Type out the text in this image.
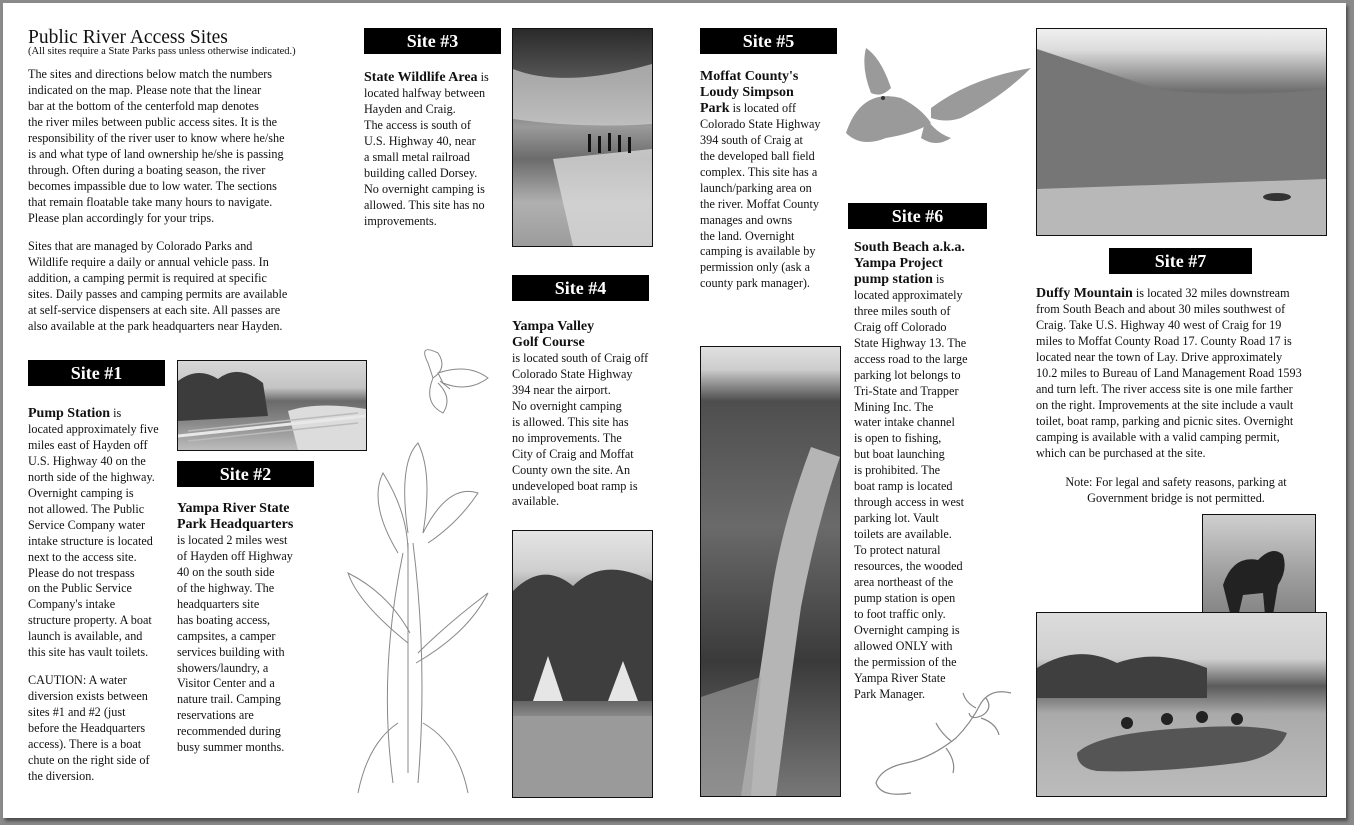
Public River Access Sites
(All sites require a State Parks pass unless otherwise indicated.)
The sites and directions below match the numbers
indicated on the map. Please note that the linear
bar at the bottom of the centerfold map denotes
the river miles between public access sites. It is the
responsibility of the river user to know where he/she
is and what type of land ownership he/she is passing
through. Often during a boating season, the river
becomes impassible due to low water. The sections
that remain floatable take many hours to navigate.
Please plan accordingly for your trips.
Sites that are managed by Colorado Parks and
Wildlife require a daily or annual vehicle pass. In
addition, a camping permit is required at specific
sites. Daily passes and camping permits are available
at self-service dispensers at each site. All passes are
also available at the park headquarters near Hayden.
Site #1
Pump Station is
located approximately five
miles east of Hayden off
U.S. Highway 40 on the
north side of the highway.
Overnight camping is
not allowed. The Public
Service Company water
intake structure is located
next to the access site.
Please do not trespass
on the Public Service
Company's intake
structure property. A boat
launch is available, and
this site has vault toilets.
CAUTION: A water
diversion exists between
sites #1 and #2 (just
before the Headquarters
access). There is a boat
chute on the right side of
the diversion.
Site #2
Yampa River State
Park Headquarters
is located 2 miles west
of Hayden off Highway
40 on the south side
of the highway. The
headquarters site
has boating access,
campsites, a camper
services building with
showers/laundry, a
Visitor Center and a
nature trail. Camping
reservations are
recommended during
busy summer months.
Site #3
State Wildlife Area is
located halfway between
Hayden and Craig.
The access is south of
U.S. Highway 40, near
a small metal railroad
building called Dorsey.
No overnight camping is
allowed. This site has no
improvements.
Site #4
Yampa Valley
Golf Course
is located south of Craig off
Colorado State Highway
394 near the airport.
No overnight camping
is allowed. This site has
no improvements. The
City of Craig and Moffat
County own the site. An
undeveloped boat ramp is
available.
Site #5
Moffat County's
Loudy Simpson
Park is located off
Colorado State Highway
394 south of Craig at
the developed ball field
complex. This site has a
launch/parking area on
the river. Moffat County
manages and owns
the land. Overnight
camping is available by
permission only (ask a
county park manager).
Site #6
South Beach a.k.a.
Yampa Project
pump station is
located approximately
three miles south of
Craig off Colorado
State Highway 13. The
access road to the large
parking lot belongs to
Tri-State and Trapper
Mining Inc. The
water intake channel
is open to fishing,
but boat launching
is prohibited. The
boat ramp is located
through access in west
parking lot. Vault
toilets are available.
To protect natural
resources, the wooded
area northeast of the
pump station is open
to foot traffic only.
Overnight camping is
allowed ONLY with
the permission of the
Yampa River State
Park Manager.
Site #7
Duffy Mountain is located 32 miles downstream
from South Beach and about 30 miles southwest of
Craig. Take U.S. Highway 40 west of Craig for 19
miles to Moffat County Road 17. County Road 17 is
located near the town of Lay. Drive approximately
10.2 miles to Bureau of Land Management Road 1593
and turn left. The river access site is one mile farther
on the right. Improvements at the site include a vault
toilet, boat ramp, parking and picnic sites. Overnight
camping is available with a valid camping permit,
which can be purchased at the site.
Note: For legal and safety reasons, parking at
Government bridge is not permitted.
